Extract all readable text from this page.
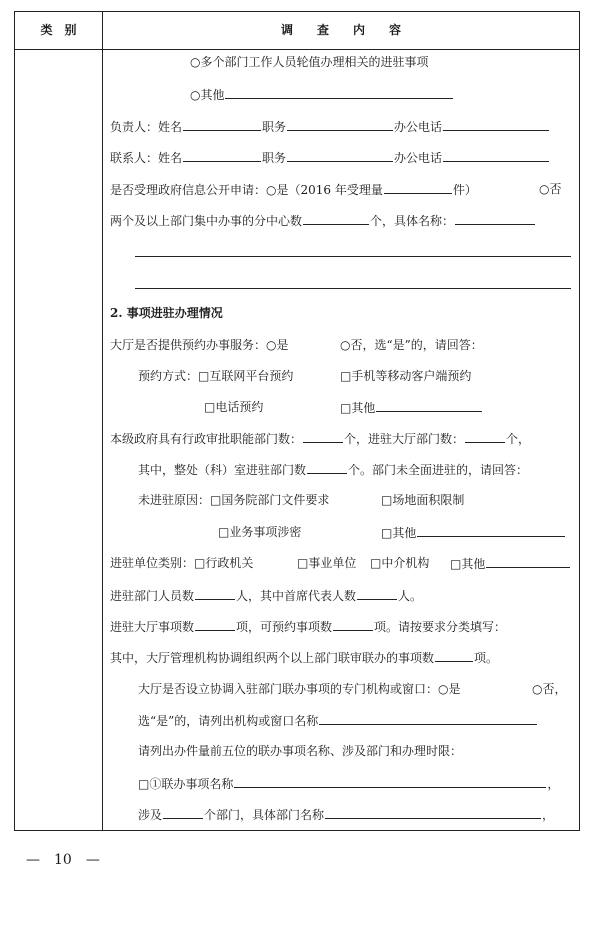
类　别	调　　查　　内　　容
○多个部门工作人员轮值办理相关的进驻事项
○其他
负责人：姓名	职务	办公电话
联系人：姓名	职务	办公电话
是否受理政府信息公开申请：○是（2016 年受理量	件）	○否
两个及以上部门集中办事的分中心数	个，具体名称：
2. 事项进驻办理情况
大厅是否提供预约办事服务：○是	○否，选“是”的，请回答：
预约方式：□互联网平台预约	□手机等移动客户端预约
□电话预约	□其他
本级政府具有行政审批职能部门数：	个，进驻大厅部门数：	个，
其中，整处（科）室进驻部门数	个。部门未全面进驻的，请回答：
未进驻原因：□国务院部门文件要求	□场地面积限制
□业务事项涉密	□其他
进驻单位类别：□行政机关	□事业单位 □中介机构 □其他
进驻部门人员数	人，其中首席代表人数	人。
进驻大厅事项数	项，可预约事项数	项。请按要求分类填写：
其中，大厅管理机构协调组织两个以上部门联审联办的事项数	项。
大厅是否设立协调入驻部门联办事项的专门机构或窗口：○是	○否，
选“是”的，请列出机构或窗口名称
请列出办件量前五位的联办事项名称、涉及部门和办理时限：
□①联办事项名称	，
涉及	个部门，具体部门名称	，
—　10　—
